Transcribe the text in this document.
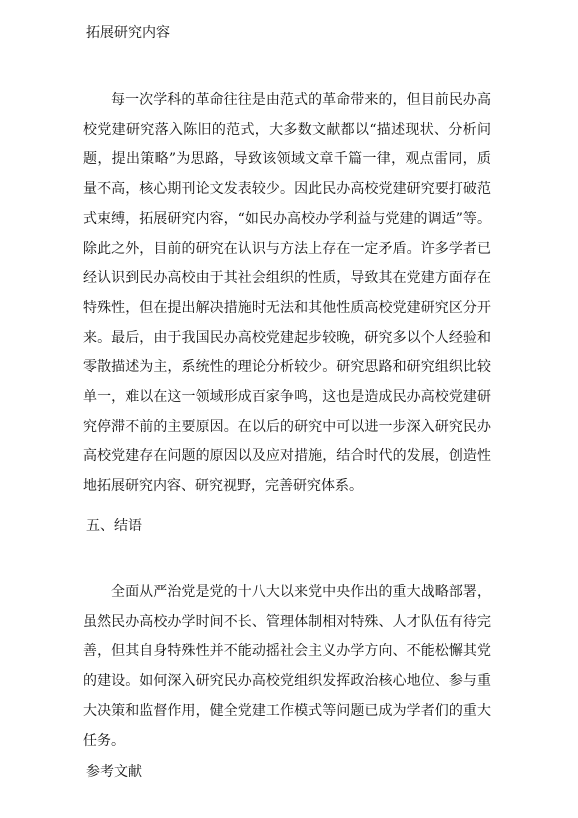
拓展研究内容

每一次学科的革命往往是由范式的革命带来的，但目前民办高校党建研究落入陈旧的范式，大多数文献都以“描述现状、分析问题，提出策略”为思路，导致该领域文章千篇一律，观点雷同，质量不高，核心期刊论文发表较少。因此民办高校党建研究要打破范式束缚，拓展研究内容，“如民办高校办学利益与党建的调适”等。除此之外，目前的研究在认识与方法上存在一定矛盾。许多学者已经认识到民办高校由于其社会组织的性质，导致其在党建方面存在特殊性，但在提出解决措施时无法和其他性质高校党建研究区分开来。最后，由于我国民办高校党建起步较晚，研究多以个人经验和零散描述为主，系统性的理论分析较少。研究思路和研究组织比较单一，难以在这一领域形成百家争鸣，这也是造成民办高校党建研究停滞不前的主要原因。在以后的研究中可以进一步深入研究民办高校党建存在问题的原因以及应对措施，结合时代的发展，创造性地拓展研究内容、研究视野，完善研究体系。

五、结语

全面从严治党是党的十八大以来党中央作出的重大战略部署，虽然民办高校办学时间不长、管理体制相对特殊、人才队伍有待完善，但其自身特殊性并不能动摇社会主义办学方向、不能松懈其党的建设。如何深入研究民办高校党组织发挥政治核心地位、参与重大决策和监督作用，健全党建工作模式等问题已成为学者们的重大任务。

参考文献
